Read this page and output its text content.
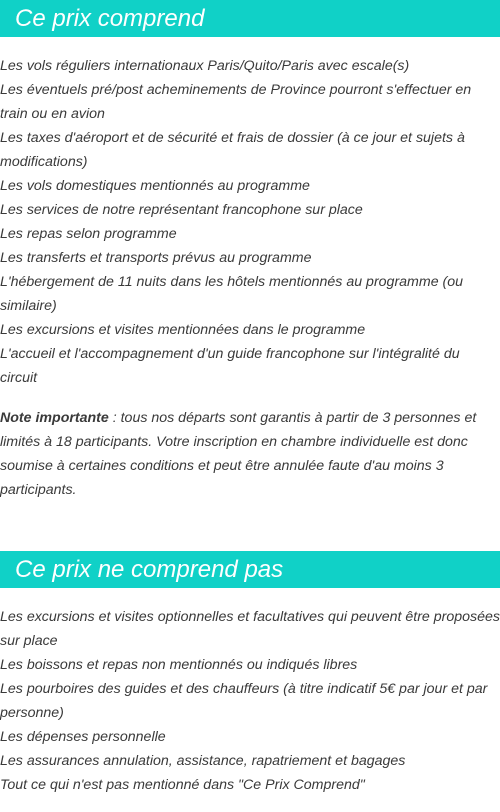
Ce prix comprend
Les vols réguliers internationaux Paris/Quito/Paris avec escale(s)
Les éventuels pré/post acheminements de Province pourront s'effectuer en train ou en avion
Les taxes d'aéroport et de sécurité et frais de dossier (à ce jour et sujets à modifications)
Les vols domestiques mentionnés au programme
Les services de notre représentant francophone sur place
Les repas selon programme
Les transferts et transports prévus au programme
L'hébergement de 11 nuits dans les hôtels mentionnés au programme (ou similaire)
Les excursions et visites mentionnées dans le programme
L'accueil et l'accompagnement d'un guide francophone sur l'intégralité du circuit

Note importante : tous nos départs sont garantis à partir de 3 personnes et limités à 18 participants. Votre inscription en chambre individuelle est donc soumise à certaines conditions et peut être annulée faute d'au moins 3 participants.

Ce prix ne comprend pas
Les excursions et visites optionnelles et facultatives qui peuvent être proposées sur place
Les boissons et repas non mentionnés ou indiqués libres
Les pourboires des guides et des chauffeurs (à titre indicatif 5€ par jour et par personne)
Les dépenses personnelle
Les assurances annulation, assistance, rapatriement et bagages
Tout ce qui n'est pas mentionné dans "Ce Prix Comprend"
